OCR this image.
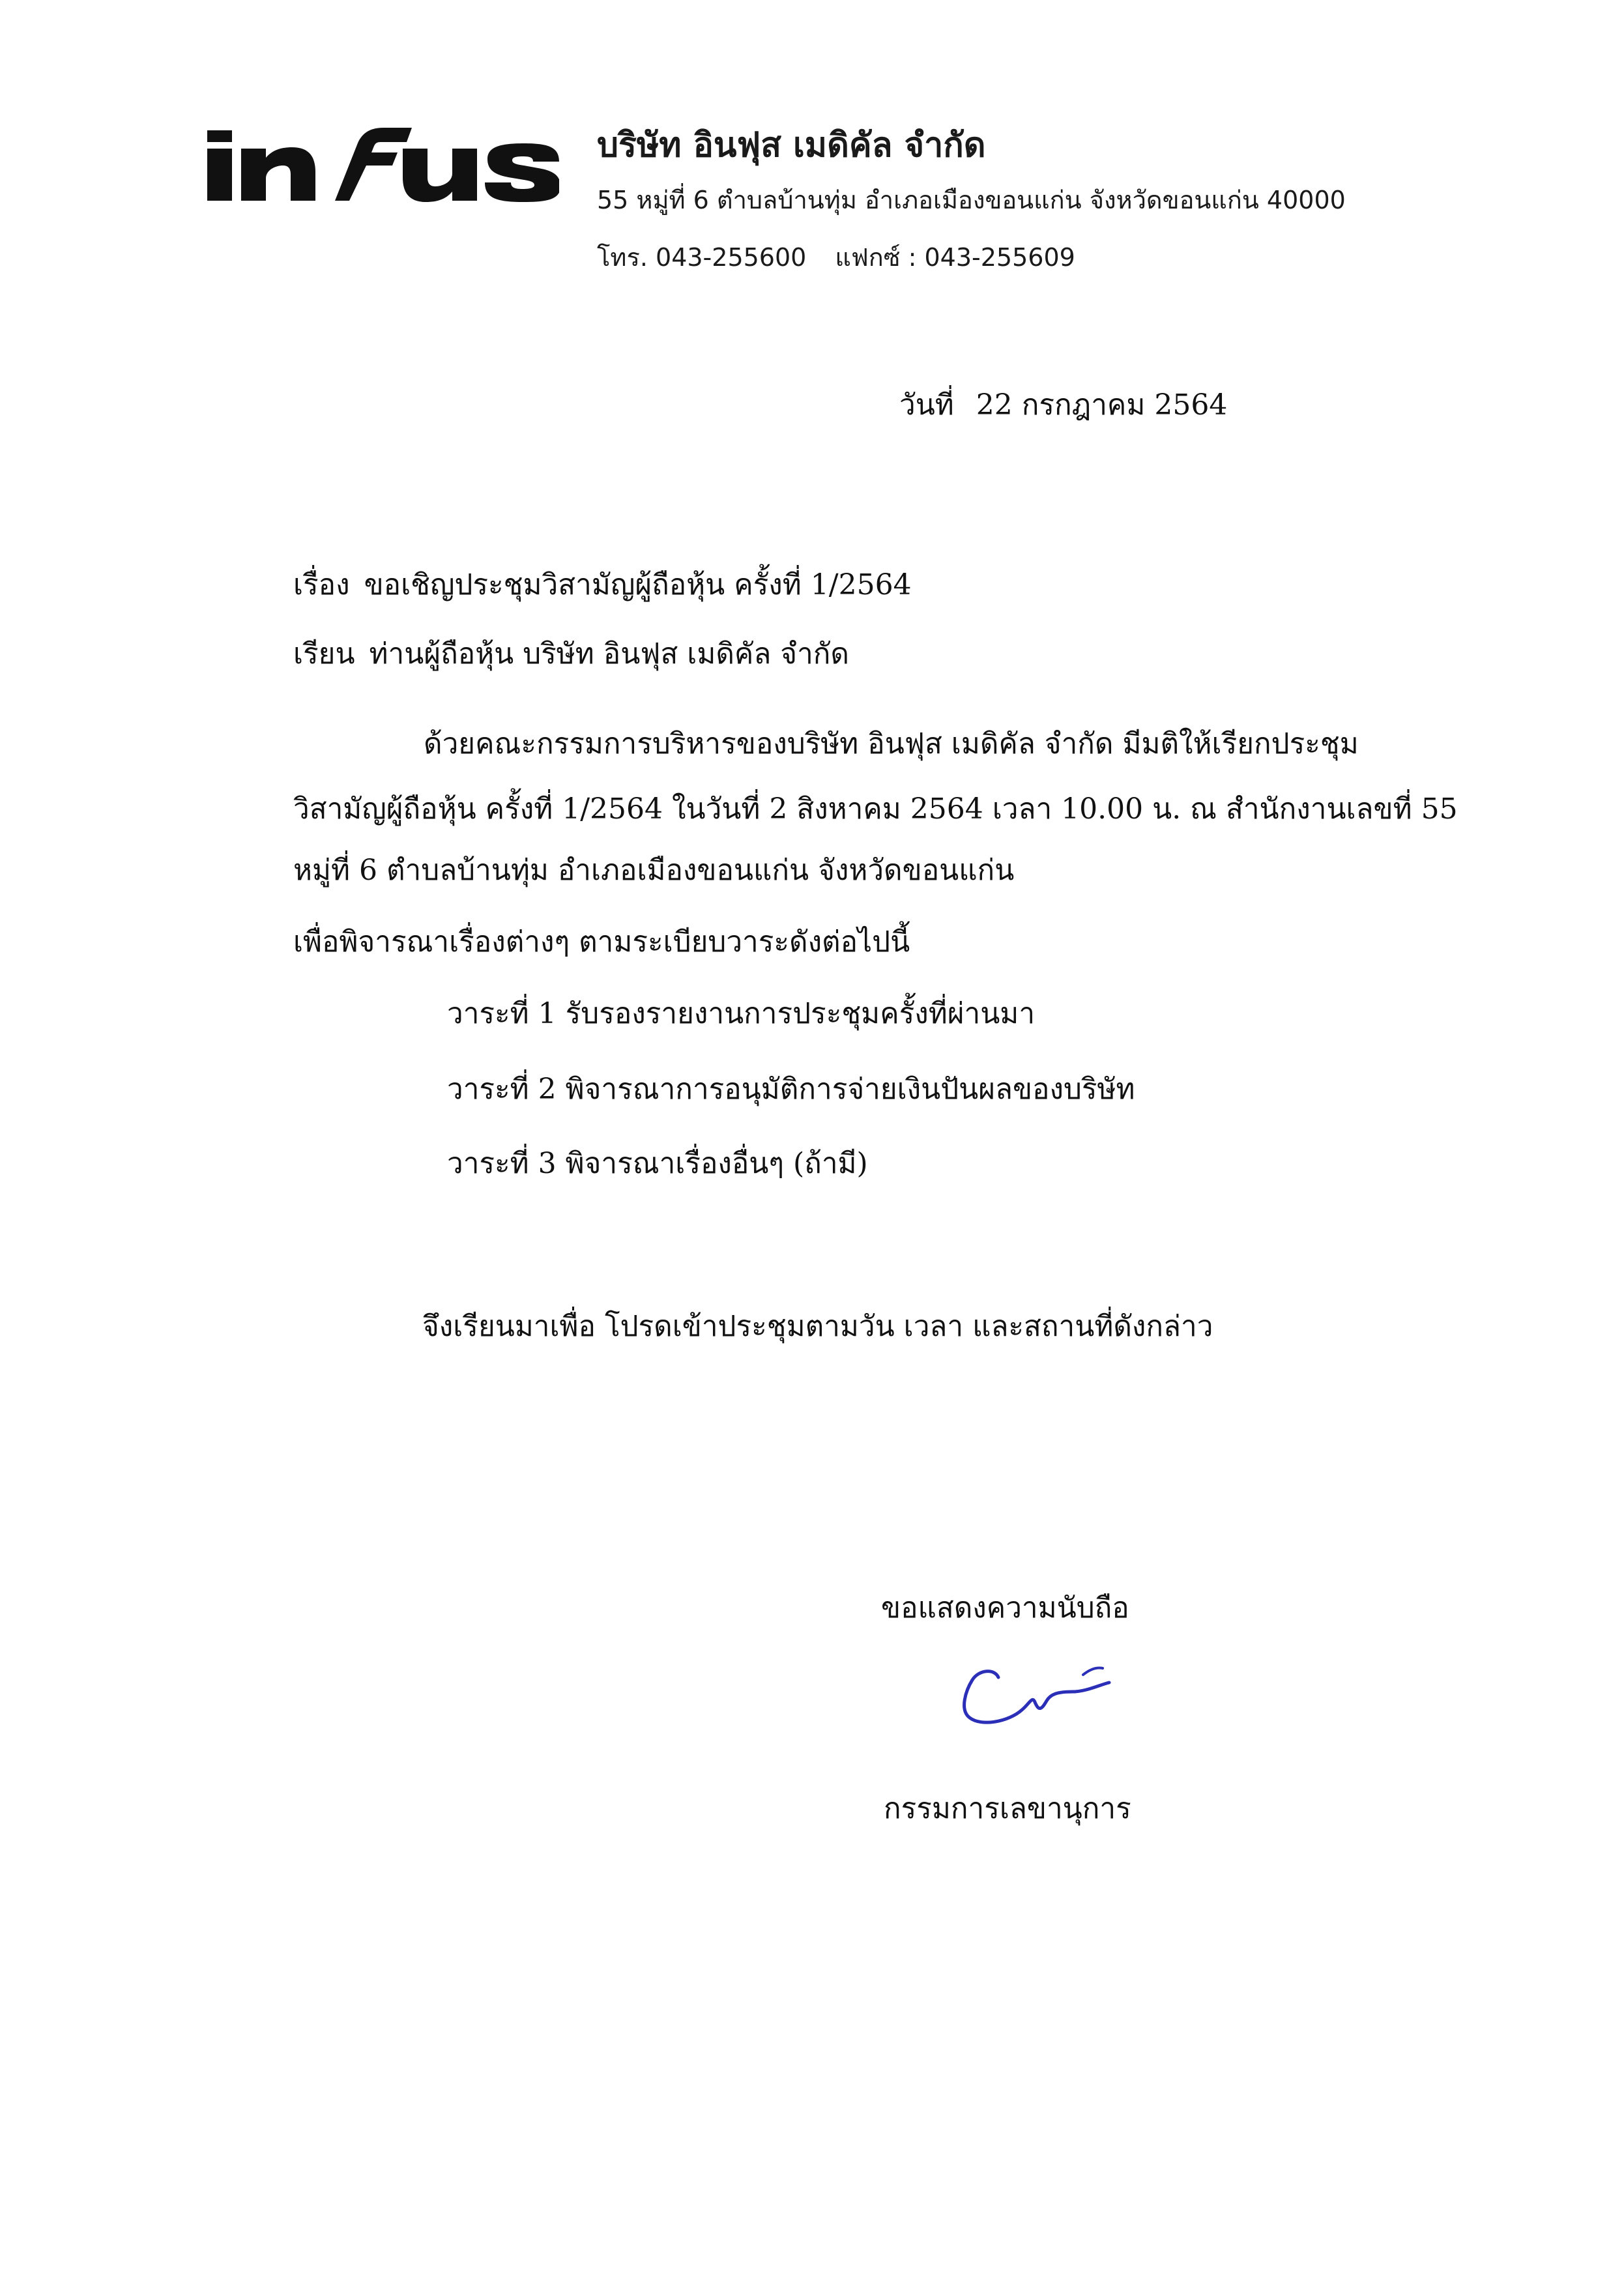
บริษัท อินฟุส เมดิคัล จำกัด
55 หมู่ที่ 6 ตำบลบ้านทุ่ม อำเภอเมืองขอนแก่น จังหวัดขอนแก่น 40000
โทร. 043-255600 แฟกซ์ : 043-255609
วันที่ 22 กรกฎาคม 2564
เรื่อง ขอเชิญประชุมวิสามัญผู้ถือหุ้น ครั้งที่ 1/2564
เรียน ท่านผู้ถือหุ้น บริษัท อินฟุส เมดิคัล จำกัด
ด้วยคณะกรรมการบริหารของบริษัท อินฟุส เมดิคัล จำกัด มีมติให้เรียกประชุม
วิสามัญผู้ถือหุ้น ครั้งที่ 1/2564 ในวันที่ 2 สิงหาคม 2564 เวลา 10.00 น. ณ สำนักงานเลขที่ 55
หมู่ที่ 6 ตำบลบ้านทุ่ม อำเภอเมืองขอนแก่น จังหวัดขอนแก่น
เพื่อพิจารณาเรื่องต่างๆ ตามระเบียบวาระดังต่อไปนี้
วาระที่ 1 รับรองรายงานการประชุมครั้งที่ผ่านมา
วาระที่ 2 พิจารณาการอนุมัติการจ่ายเงินปันผลของบริษัท
วาระที่ 3 พิจารณาเรื่องอื่นๆ (ถ้ามี)
จึงเรียนมาเพื่อ โปรดเข้าประชุมตามวัน เวลา และสถานที่ดังกล่าว
ขอแสดงความนับถือ
กรรมการเลขานุการ
